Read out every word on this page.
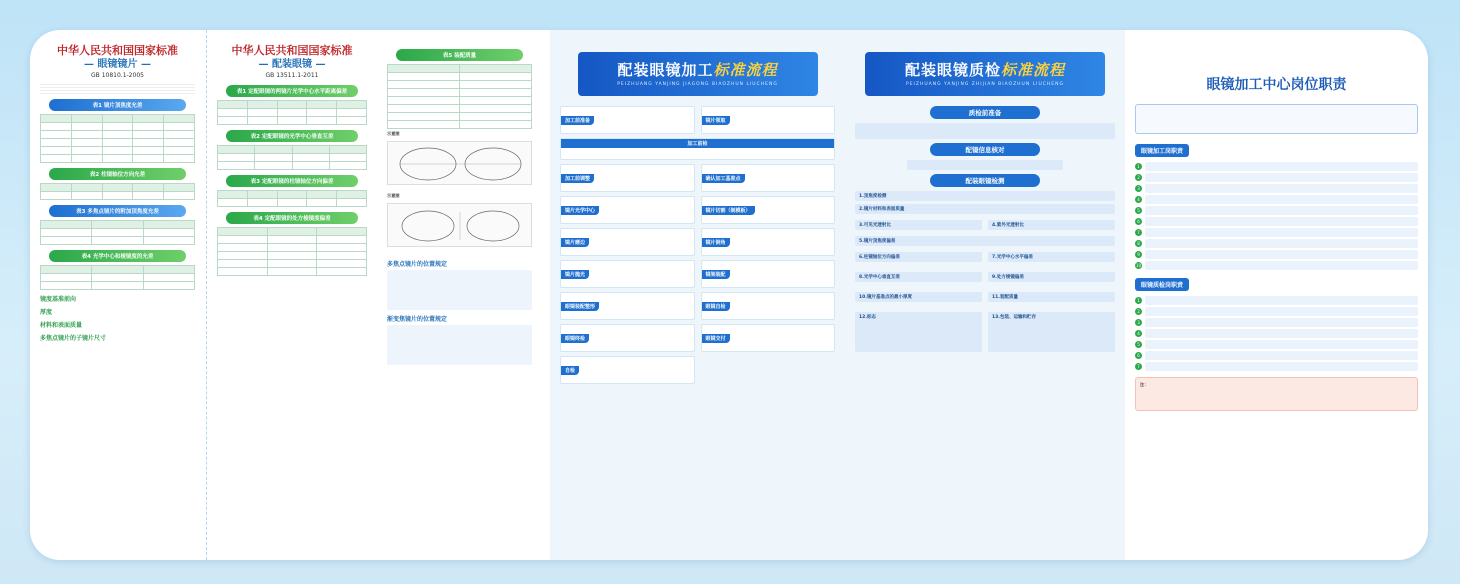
中华人民共和国国家标准
— 眼镜镜片 —
GB 10810.1-2005
表1 镜片顶焦度允差

表2 柱镜轴位方向允差

表3 多焦点镜片的附加顶焦度允差

表4 光学中心和棱镜度的允差

镜度基准前向
厚度
材料和表面质量
多焦点镜片的子镜片尺寸
中华人民共和国国家标准
— 配装眼镜 —
GB 13511.1-2011
表1 定配眼镜的两镜片光学中心水平距离偏差

表2 定配眼镜的光学中心垂直互差

表3 定配眼镜的柱镜轴位方向偏差

表4 定配眼镜的处方棱镜度偏差

表5 装配质量

示意图
示意图
多焦点镜片的位置规定
渐变焦镜片的位置规定
配装眼镜加工标准流程
PEIZHUANG YANJING JIAGONG BIAOZHUN LIUCHENG
加工前准备	镜片领取
加工前检
加工前调整	确认加工基准点
镜片光学中心	镜片切割（制模板）
镜片磨边	镜片倒角
镜片抛光	镜架装配
眼镜装配整形	眼镜自检
眼镜终检	眼镜交付
自检
配装眼镜质检标准流程
PEIZHUANG YANJING ZHIJIAN BIAOZHUN LIUCHENG
质检前准备
配镜信息核对
配装眼镜检测
1.顶焦度检测
2.镜片材料和表面质量
3.可见光透射比	4.紫外光透射比
5.镜片顶焦度偏差
6.柱镜轴位方向偏差	7.光学中心水平偏差
8.光学中心垂直互差	9.处方棱镜偏差
10.镜片基准点的最小厚度	11.装配质量
12.标志	13.包装、运输和贮存
眼镜加工中心岗位职责
眼镜加工岗职责
1
2
3
4
5
6
7
8
9
10
眼镜质检岗职责
1
2
3
4
5
6
7
注：
